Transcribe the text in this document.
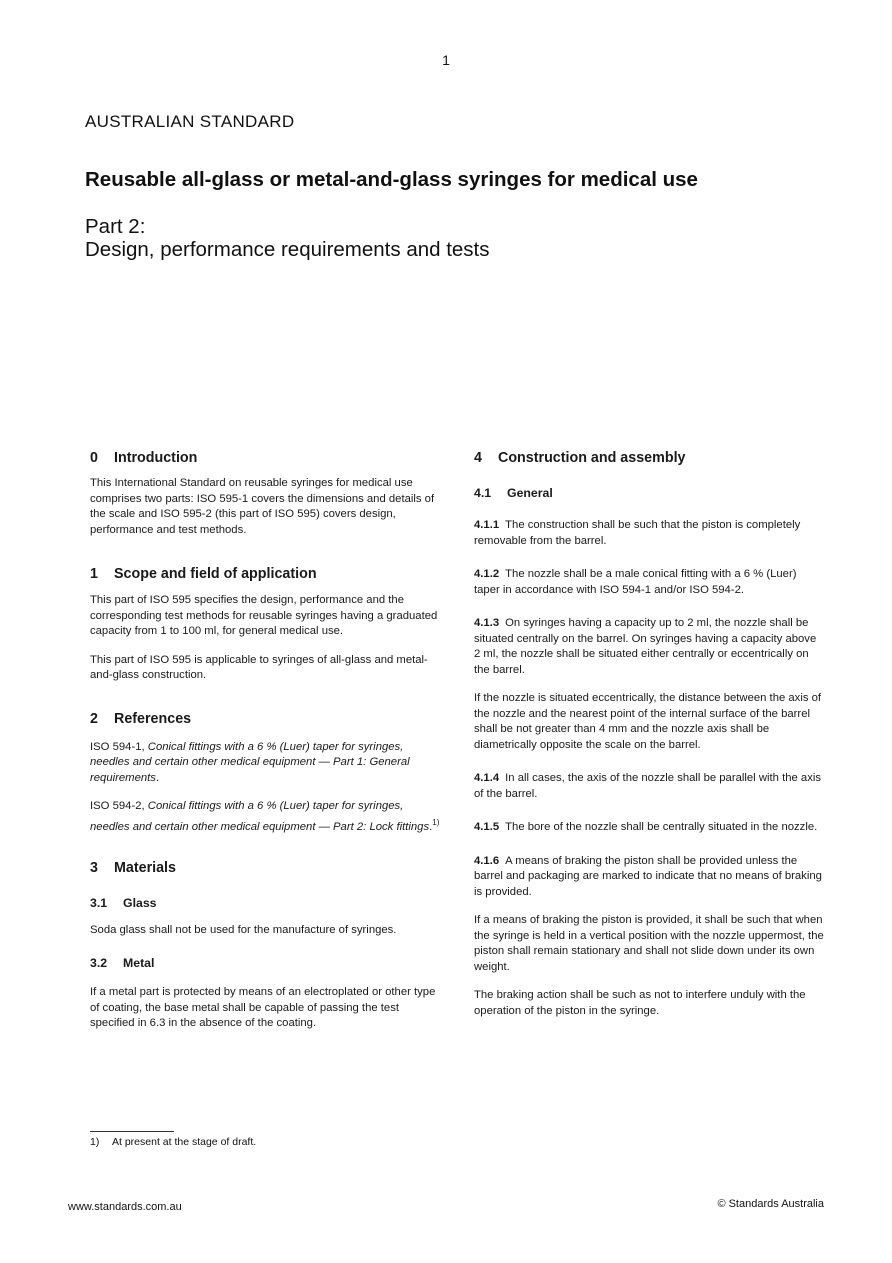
1
AUSTRALIAN STANDARD
Reusable all-glass or metal-and-glass syringes for medical use
Part 2:
Design, performance requirements and tests
0 Introduction

This International Standard on reusable syringes for medical use comprises two parts: ISO 595-1 covers the dimensions and details of the scale and ISO 595-2 (this part of ISO 595) covers design, performance and test methods.

1 Scope and field of application

This part of ISO 595 specifies the design, performance and the corresponding test methods for reusable syringes having a graduated capacity from 1 to 100 ml, for general medical use.

This part of ISO 595 is applicable to syringes of all-glass and metal-and-glass construction.

2 References

ISO 594-1, Conical fittings with a 6 % (Luer) taper for syringes, needles and certain other medical equipment — Part 1: General requirements.

ISO 594-2, Conical fittings with a 6 % (Luer) taper for syringes, needles and certain other medical equipment — Part 2: Lock fittings.$^{1)}$

3 Materials
3.1 Glass

Soda glass shall not be used for the manufacture of syringes.

3.2 Metal

If a metal part is protected by means of an electroplated or other type of coating, the base metal shall be capable of passing the test specified in 6.3 in the absence of the coating.

4 Construction and assembly
4.1 General

4.1.1 The construction shall be such that the piston is completely removable from the barrel.

4.1.2 The nozzle shall be a male conical fitting with a 6 % (Luer) taper in accordance with ISO 594-1 and/or ISO 594-2.

4.1.3 On syringes having a capacity up to 2 ml, the nozzle shall be situated centrally on the barrel. On syringes having a capacity above 2 ml, the nozzle shall be situated either centrally or eccentrically on the barrel.

If the nozzle is situated eccentrically, the distance between the axis of the nozzle and the nearest point of the internal surface of the barrel shall be not greater than 4 mm and the nozzle axis shall be diametrically opposite the scale on the barrel.

4.1.4 In all cases, the axis of the nozzle shall be parallel with the axis of the barrel.

4.1.5 The bore of the nozzle shall be centrally situated in the nozzle.

4.1.6 A means of braking the piston shall be provided unless the barrel and packaging are marked to indicate that no means of braking is provided.

If a means of braking the piston is provided, it shall be such that when the syringe is held in a vertical position with the nozzle uppermost, the piston shall remain stationary and shall not slide down under its own weight.

The braking action shall be such as not to interfere unduly with the operation of the piston in the syringe.

1) At present at the stage of draft.
www.standards.com.au	© Standards Australia
